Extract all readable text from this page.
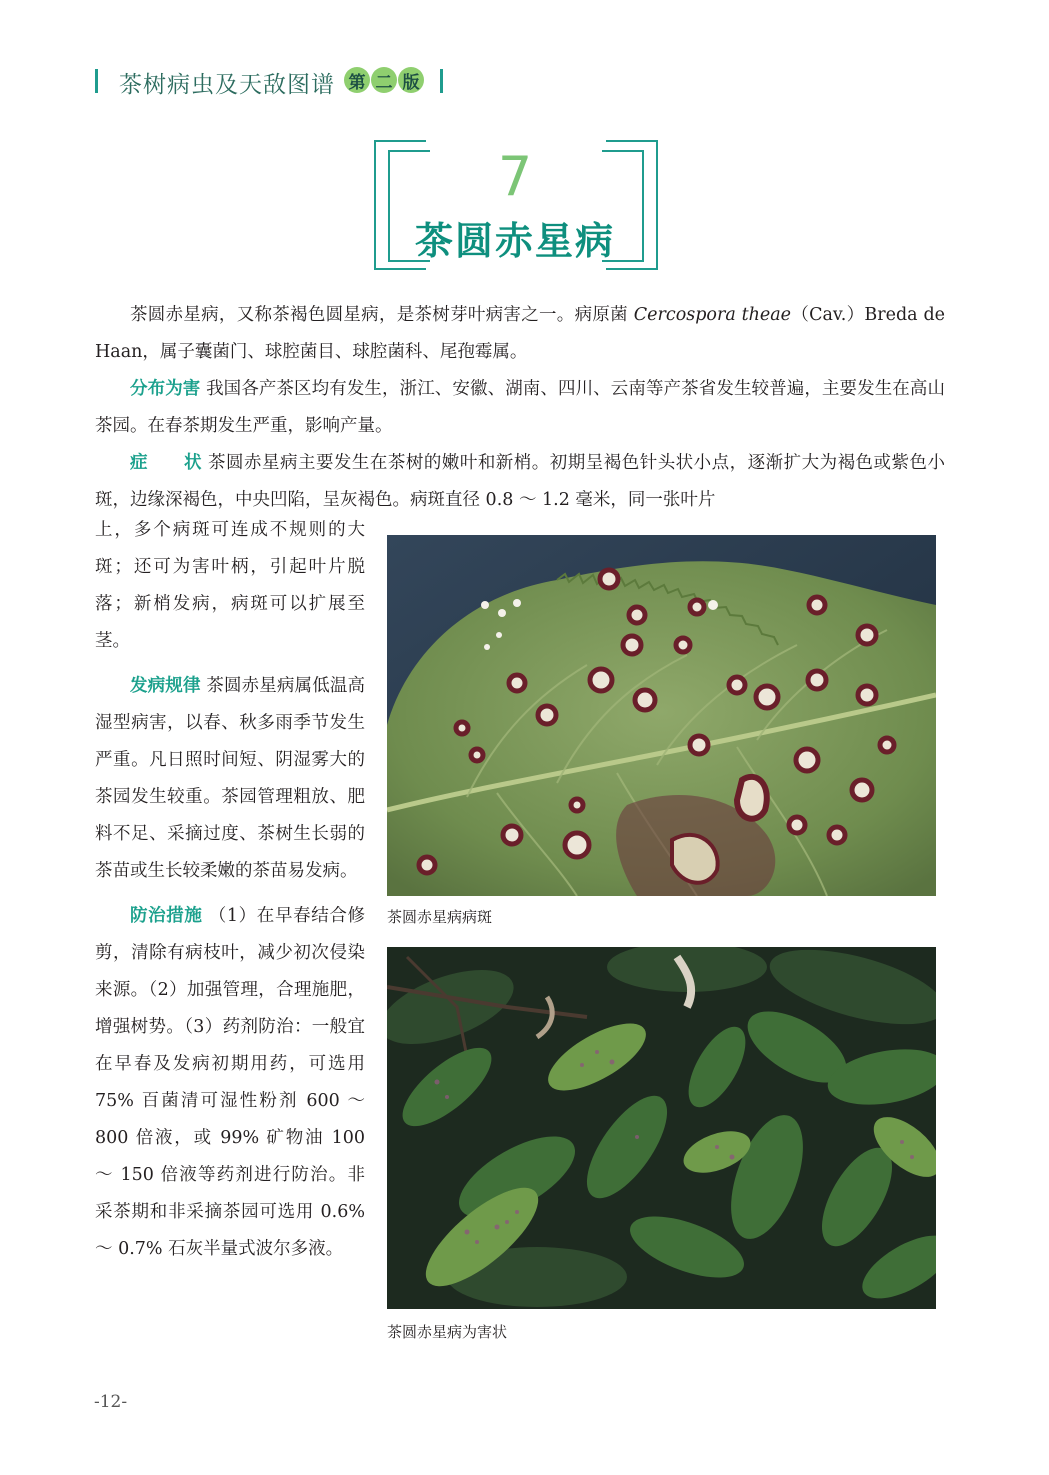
茶树病虫及天敌图谱 第 二 版
7
茶圆赤星病

茶圆赤星病，又称茶褐色圆星病，是茶树芽叶病害之一。病原菌 Cercospora theae（Cav.）Breda de Haan，属子囊菌门、球腔菌目、球腔菌科、尾孢霉属。

分布为害 我国各产茶区均有发生，浙江、安徽、湖南、四川、云南等产茶省发生较普遍，主要发生在高山茶园。在春茶期发生严重，影响产量。

症　　状 茶圆赤星病主要发生在茶树的嫩叶和新梢。初期呈褐色针头状小点，逐渐扩大为褐色或紫色小斑，边缘深褐色，中央凹陷，呈灰褐色。病斑直径 0.8 ～ 1.2 毫米，同一张叶片

上，多个病斑可连成不规则的大斑；还可为害叶柄，引起叶片脱落；新梢发病，病斑可以扩展至茎。

发病规律 茶圆赤星病属低温高湿型病害，以春、秋多雨季节发生严重。凡日照时间短、阴湿雾大的茶园发生较重。茶园管理粗放、肥料不足、采摘过度、茶树生长弱的茶苗或生长较柔嫩的茶苗易发病。

防治措施 （1）在早春结合修剪，清除有病枝叶，减少初次侵染来源。（2）加强管理，合理施肥，增强树势。（3）药剂防治：一般宜在早春及发病初期用药，可选用 75% 百菌清可湿性粉剂 600 ～ 800 倍液，或 99% 矿物油 100 ～ 150 倍液等药剂进行防治。非采茶期和非采摘茶园可选用 0.6% ～ 0.7% 石灰半量式波尔多液。

茶圆赤星病病斑
茶圆赤星病为害状
-12-
